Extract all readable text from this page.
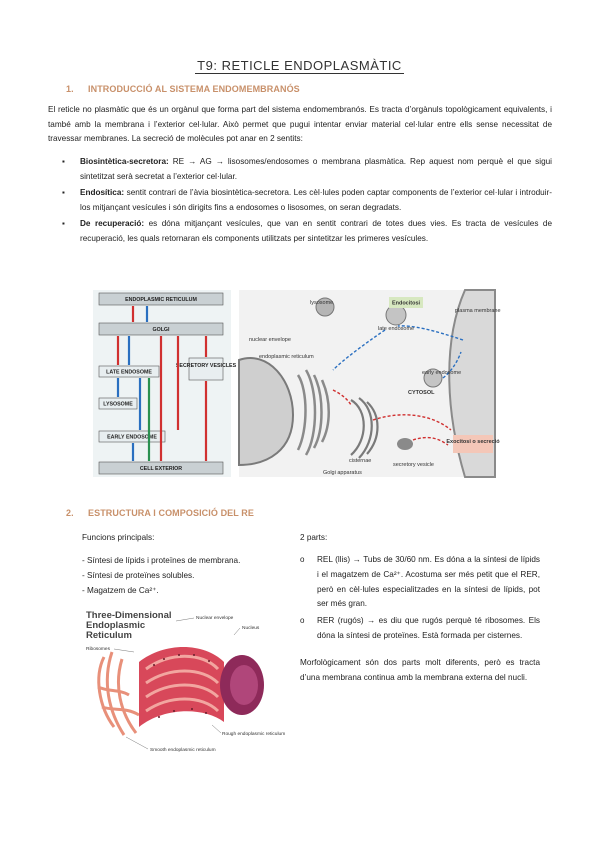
T9: RETICLE ENDOPLASMÀTIC
1. INTRODUCCIÓ AL SISTEMA ENDOMEMBRANÓS
El reticle no plasmàtic que és un orgànul que forma part del sistema endomembranós. Es tracta d’orgànuls topològicament equivalents, i també amb la membrana i l’exterior cel·lular. Això permet que pugui intentar enviar material cel·lular entre ells sense necessitat de travessar membranes. La secreció de molècules pot anar en 2 sentits:
▪ Biosintètica-secretora: RE → AG → lisosomes/endosomes o membrana plasmàtica. Rep aquest nom perquè el que sigui sintetitzat serà secretat a l’exterior cel·lular.
▪ Endosítica: sentit contrari de l’àvia biosintètica-secretora. Les cèl·lules poden captar components de l’exterior cel·lular i introduir-los mitjançant vesícules i són dirigits fins a endosomes o lisosomes, on seran degradats.
▪ De recuperació: es dóna mitjançant vesícules, que van en sentit contrari de totes dues vies. Es tracta de vesícules de recuperació, les quals retornaran els components utilitzats per sintetitzar les primeres vesícules.
ENDOPLASMIC RETICULUM
GOLGI
LATE ENDOSOME
LYSOSOME
EARLY ENDOSOME
SECRETORY VESICLES
CELL EXTERIOR
Endocitosi
Exocitosi o secreció
lysosome
plasma membrane
late endosome
nuclear envelope
endoplasmic reticulum
early endosome
CYTOSOL
cisternae
secretory vesicle
Golgi apparatus
2. ESTRUCTURA I COMPOSICIÓ DEL RE
Funcions principals:
- Síntesi de lípids i proteïnes de membrana.
- Síntesi de proteïnes solubles.
- Magatzem de Ca²⁺.
Three-Dimensional
Endoplasmic
Reticulum
Nuclear envelope
Nucleus
Ribosomes
Rough endoplasmic reticulum
Smooth endoplasmic reticulum
2 parts:
o REL (llis) → Tubs de 30/60 nm. Es dóna a la síntesi de lípids i el magatzem de Ca²⁺. Acostuma ser més petit que el RER, però en cèl·lules especialitzades en la síntesi de lípids, pot ser més gran.
o RER (rugós) → es diu que rugós perquè té ribosomes. Els dóna la síntesi de proteïnes. Està formada per cisternes.
Morfològicament són dos parts molt diferents, però es tracta d’una membrana continua amb la membrana externa del nucli.
